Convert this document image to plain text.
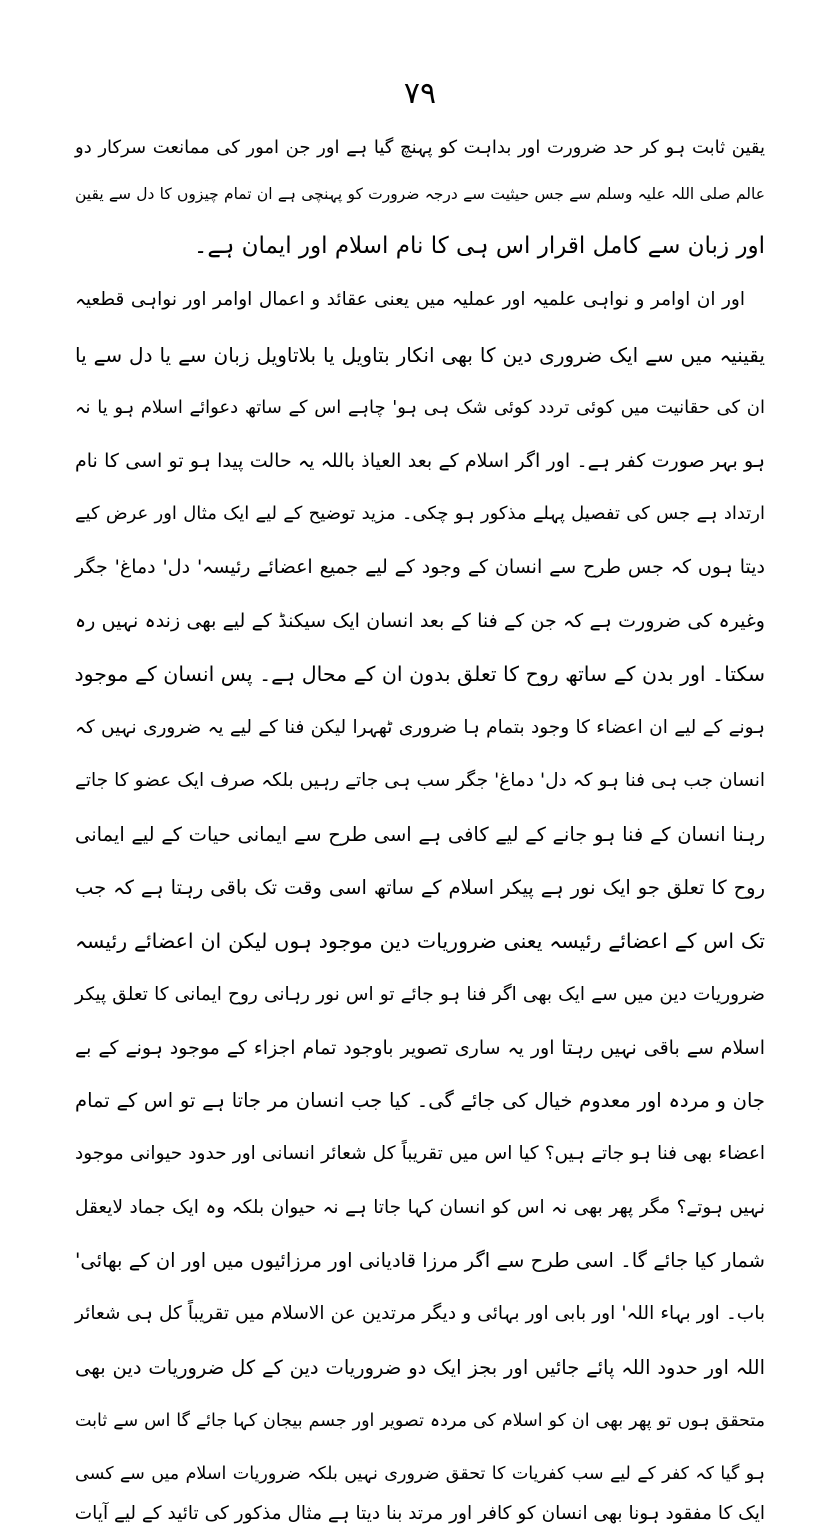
۷۹
یقین ثابت ہو کر حد ضرورت اور بداہت کو پہنچ گیا ہے اور جن امور کی ممانعت سرکار دو
عالم صلی اللہ علیہ وسلم سے جس حیثیت سے درجہ ضرورت کو پہنچی ہے ان تمام چیزوں کا دل سے یقین
اور زبان سے کامل اقرار اس ہی کا نام اسلام اور ایمان ہے۔
اور ان اوامر و نواہی علمیہ اور عملیہ میں یعنی عقائد و اعمال اوامر اور نواہی قطعیہ
یقینیہ میں سے ایک ضروری دین کا بھی انکار بتاویل یا بلاتاویل زبان سے یا دل سے یا
ان کی حقانیت میں کوئی تردد کوئی شک ہی ہو' چاہے اس کے ساتھ دعوائے اسلام ہو یا نہ
ہو بہر صورت کفر ہے۔ اور اگر اسلام کے بعد العیاذ باللہ یہ حالت پیدا ہو تو اسی کا نام
ارتداد ہے جس کی تفصیل پہلے مذکور ہو چکی۔ مزید توضیح کے لیے ایک مثال اور عرض کیے
دیتا ہوں کہ جس طرح سے انسان کے وجود کے لیے جمیع اعضائے رئیسہ' دل' دماغ' جگر
وغیرہ کی ضرورت ہے کہ جن کے فنا کے بعد انسان ایک سیکنڈ کے لیے بھی زندہ نہیں رہ
سکتا۔ اور بدن کے ساتھ روح کا تعلق بدون ان کے محال ہے۔ پس انسان کے موجود
ہونے کے لیے ان اعضاء کا وجود بتمام ہا ضروری ٹھہرا لیکن فنا کے لیے یہ ضروری نہیں کہ
انسان جب ہی فنا ہو کہ دل' دماغ' جگر سب ہی جاتے رہیں بلکہ صرف ایک عضو کا جاتے
رہنا انسان کے فنا ہو جانے کے لیے کافی ہے اسی طرح سے ایمانی حیات کے لیے ایمانی
روح کا تعلق جو ایک نور ہے پیکر اسلام کے ساتھ اسی وقت تک باقی رہتا ہے کہ جب
تک اس کے اعضائے رئیسہ یعنی ضروریات دین موجود ہوں لیکن ان اعضائے رئیسہ
ضروریات دین میں سے ایک بھی اگر فنا ہو جائے تو اس نور رہانی روح ایمانی کا تعلق پیکر
اسلام سے باقی نہیں رہتا اور یہ ساری تصویر باوجود تمام اجزاء کے موجود ہونے کے بے
جان و مردہ اور معدوم خیال کی جائے گی۔ کیا جب انسان مر جاتا ہے تو اس کے تمام
اعضاء بھی فنا ہو جاتے ہیں؟ کیا اس میں تقریباً کل شعائر انسانی اور حدود حیوانی موجود
نہیں ہوتے؟ مگر پھر بھی نہ اس کو انسان کہا جاتا ہے نہ حیوان بلکہ وہ ایک جماد لایعقل
شمار کیا جائے گا۔ اسی طرح سے اگر مرزا قادیانی اور مرزائیوں میں اور ان کے بھائی'
باب۔ اور بہاء اللہ' اور بابی اور بہائی و دیگر مرتدین عن الاسلام میں تقریباً کل ہی شعائر
اللہ اور حدود اللہ پائے جائیں اور بجز ایک دو ضروریات دین کے کل ضروریات دین بھی
متحقق ہوں تو پھر بھی ان کو اسلام کی مردہ تصویر اور جسم بیجان کہا جائے گا اس سے ثابت
ہو گیا کہ کفر کے لیے سب کفریات کا تحقق ضروری نہیں بلکہ ضروریات اسلام میں سے کسی
ایک کا مفقود ہونا بھی انسان کو کافر اور مرتد بنا دیتا ہے مثال مذکور کی تائید کے لیے آیات
